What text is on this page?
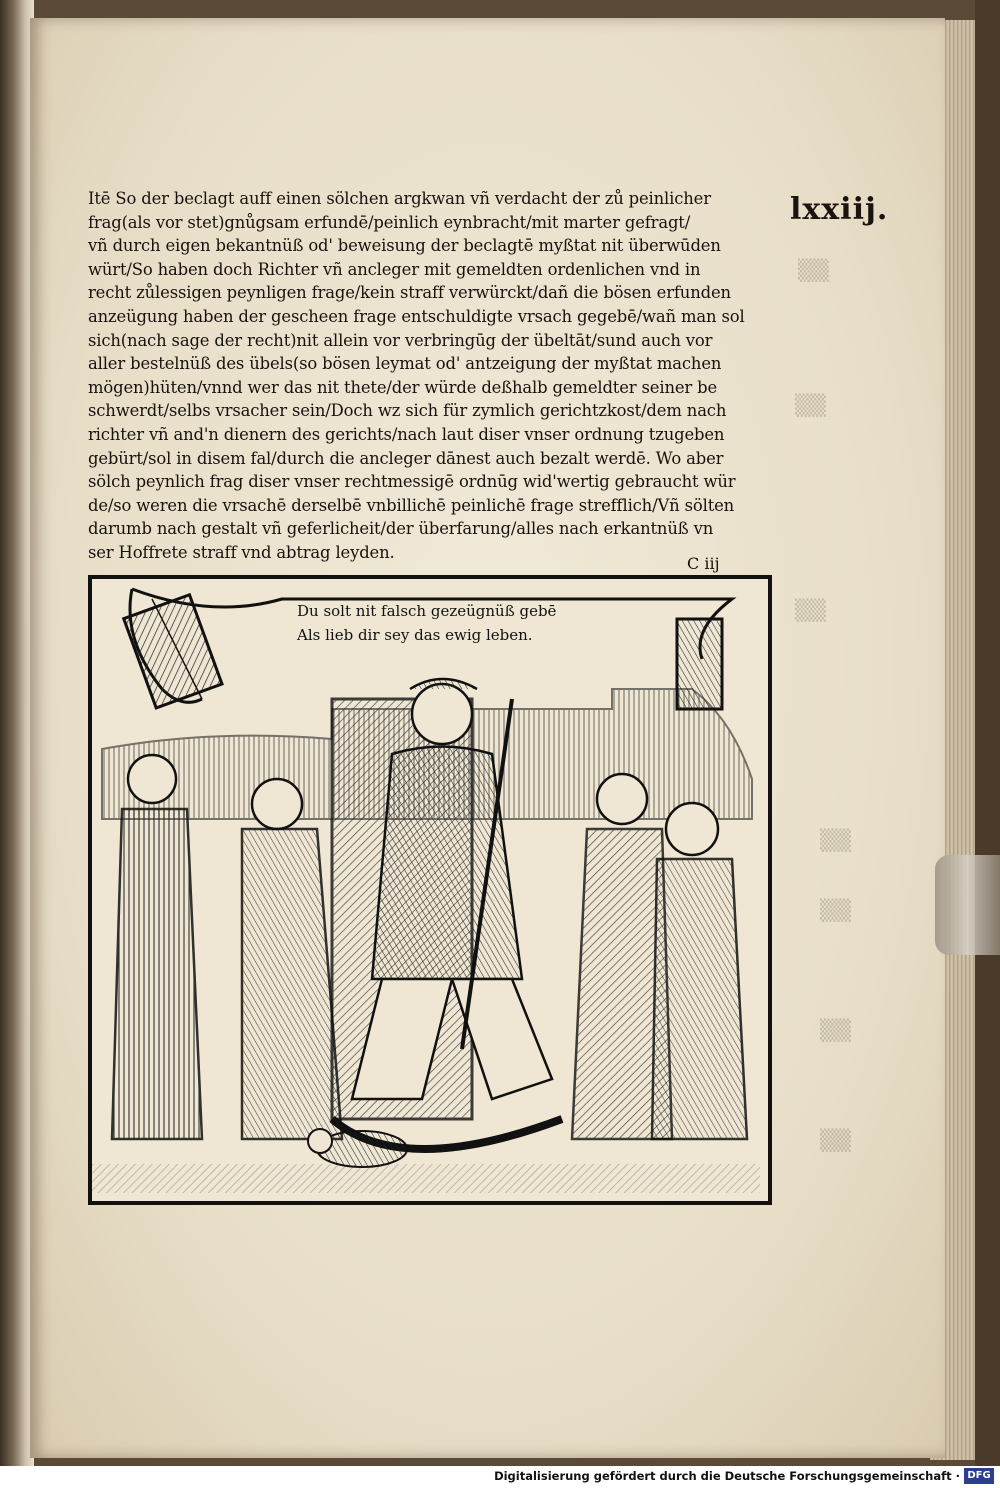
▒▒
▒▒
▒▒
▒▒
▒▒
▒▒
▒▒
lxxiij.
Itē So der beclagt auff einen sölchen argkwan vñ verdacht der zů peinlicher
frag(als vor stet)gnůgsam erfundē/peinlich eynbracht/mit marter gefragt/
vñ durch eigen bekantnüß od' beweisung der beclagtē myßtat nit überwūden
würt/So haben doch Richter vñ ancleger mit gemeldten ordenlichen vnd in
recht zůlessigen peynligen frage/kein straff verwürckt/dañ die bösen erfunden
anzeügung haben der gescheen frage entschuldigte vrsach gegebē/wañ man sol
sich(nach sage der recht)nit allein vor verbringūg der übeltāt/sund auch vor
aller bestelnüß des übels(so bösen leymat od' antzeigung der myßtat machen
mögen)hüten/vnnd wer das nit thete/der würde deßhalb gemeldter seiner be
schwerdt/selbs vrsacher sein/Doch wz sich für zymlich gerichtzkost/dem nach
richter vñ and'n dienern des gerichts/nach laut diser vnser ordnung tzugeben
gebürt/sol in disem fal/durch die ancleger dānest auch bezalt werdē. Wo aber
sölch peynlich frag diser vnser rechtmessigē ordnūg wid'wertig gebraucht wür
de/so weren die vrsachē derselbē vnbillichē peinlichē frage strefflich/Vñ sölten
darumb nach gestalt vñ geferlicheit/der überfarung/alles nach erkantnüß vn
ser Hoffrete straff vnd abtrag leyden.
C iij
Du solt nit falsch gezeügnüß gebē
Als lieb dir sey das ewig leben.
Digitalisierung gefördert durch die Deutsche Forschungsgemeinschaft · DFG
